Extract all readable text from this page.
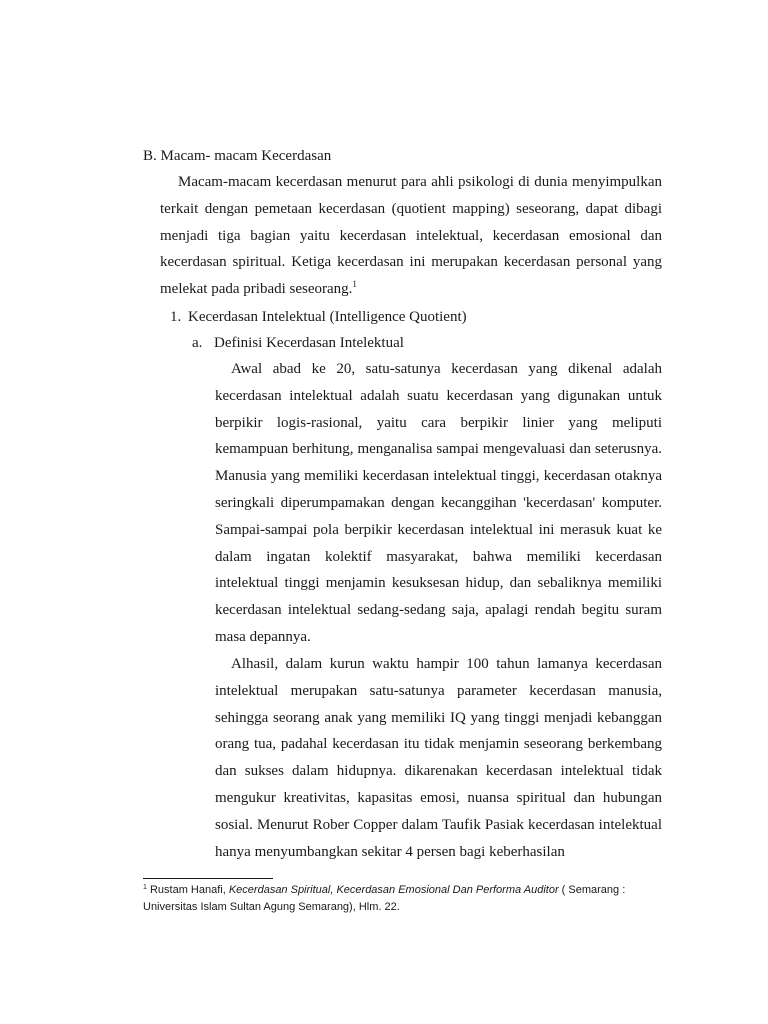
B. Macam- macam Kecerdasan

Macam-macam kecerdasan menurut para ahli psikologi di dunia menyimpulkan terkait dengan pemetaan kecerdasan (quotient mapping) seseorang, dapat dibagi menjadi tiga bagian yaitu kecerdasan intelektual, kecerdasan emosional dan kecerdasan spiritual. Ketiga kecerdasan ini merupakan kecerdasan personal yang melekat pada pribadi seseorang.$^1$

1. Kecerdasan Intelektual (Intelligence Quotient)
a. Definisi Kecerdasan Intelektual

Awal abad ke 20, satu-satunya kecerdasan yang dikenal adalah kecerdasan intelektual adalah suatu kecerdasan yang digunakan untuk berpikir logis-rasional, yaitu cara berpikir linier yang meliputi kemampuan berhitung, menganalisa sampai mengevaluasi dan seterusnya. Manusia yang memiliki kecerdasan intelektual tinggi, kecerdasan otaknya seringkali diperumpamakan dengan kecanggihan 'kecerdasan' komputer. Sampai-sampai pola berpikir kecerdasan intelektual ini merasuk kuat ke dalam ingatan kolektif masyarakat, bahwa memiliki kecerdasan intelektual tinggi menjamin kesuksesan hidup, dan sebaliknya memiliki kecerdasan intelektual sedang-sedang saja, apalagi rendah begitu suram masa depannya.

Alhasil, dalam kurun waktu hampir 100 tahun lamanya kecerdasan intelektual merupakan satu-satunya parameter kecerdasan manusia, sehingga seorang anak yang memiliki IQ yang tinggi menjadi kebanggan orang tua, padahal kecerdasan itu tidak menjamin seseorang berkembang dan sukses dalam hidupnya. dikarenakan kecerdasan intelektual tidak mengukur kreativitas, kapasitas emosi, nuansa spiritual dan hubungan sosial. Menurut Rober Copper dalam Taufik Pasiak kecerdasan intelektual hanya menyumbangkan sekitar 4 persen bagi keberhasilan

$^1$ Rustam Hanafi, Kecerdasan Spiritual, Kecerdasan Emosional Dan Performa Auditor ( Semarang : Universitas Islam Sultan Agung Semarang), Hlm. 22.
